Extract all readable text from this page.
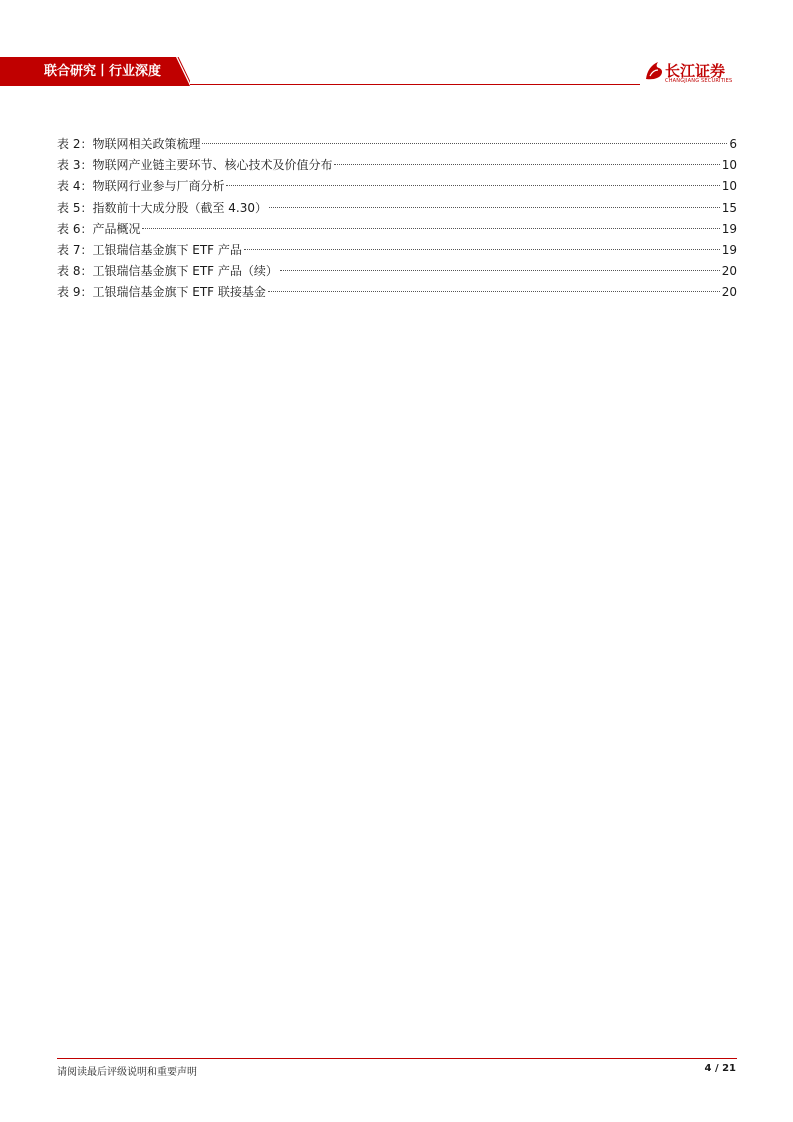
联合研究丨行业深度	长江证券
CHANGJIANG SECURITIES
表 2：物联网相关政策梳理	6
表 3：物联网产业链主要环节、核心技术及价值分布	10
表 4：物联网行业参与厂商分析	10
表 5：指数前十大成分股（截至 4.30）	15
表 6：产品概况	19
表 7：工银瑞信基金旗下 ETF 产品	19
表 8：工银瑞信基金旗下 ETF 产品（续）	20
表 9：工银瑞信基金旗下 ETF 联接基金	20
请阅读最后评级说明和重要声明	4 / 21
